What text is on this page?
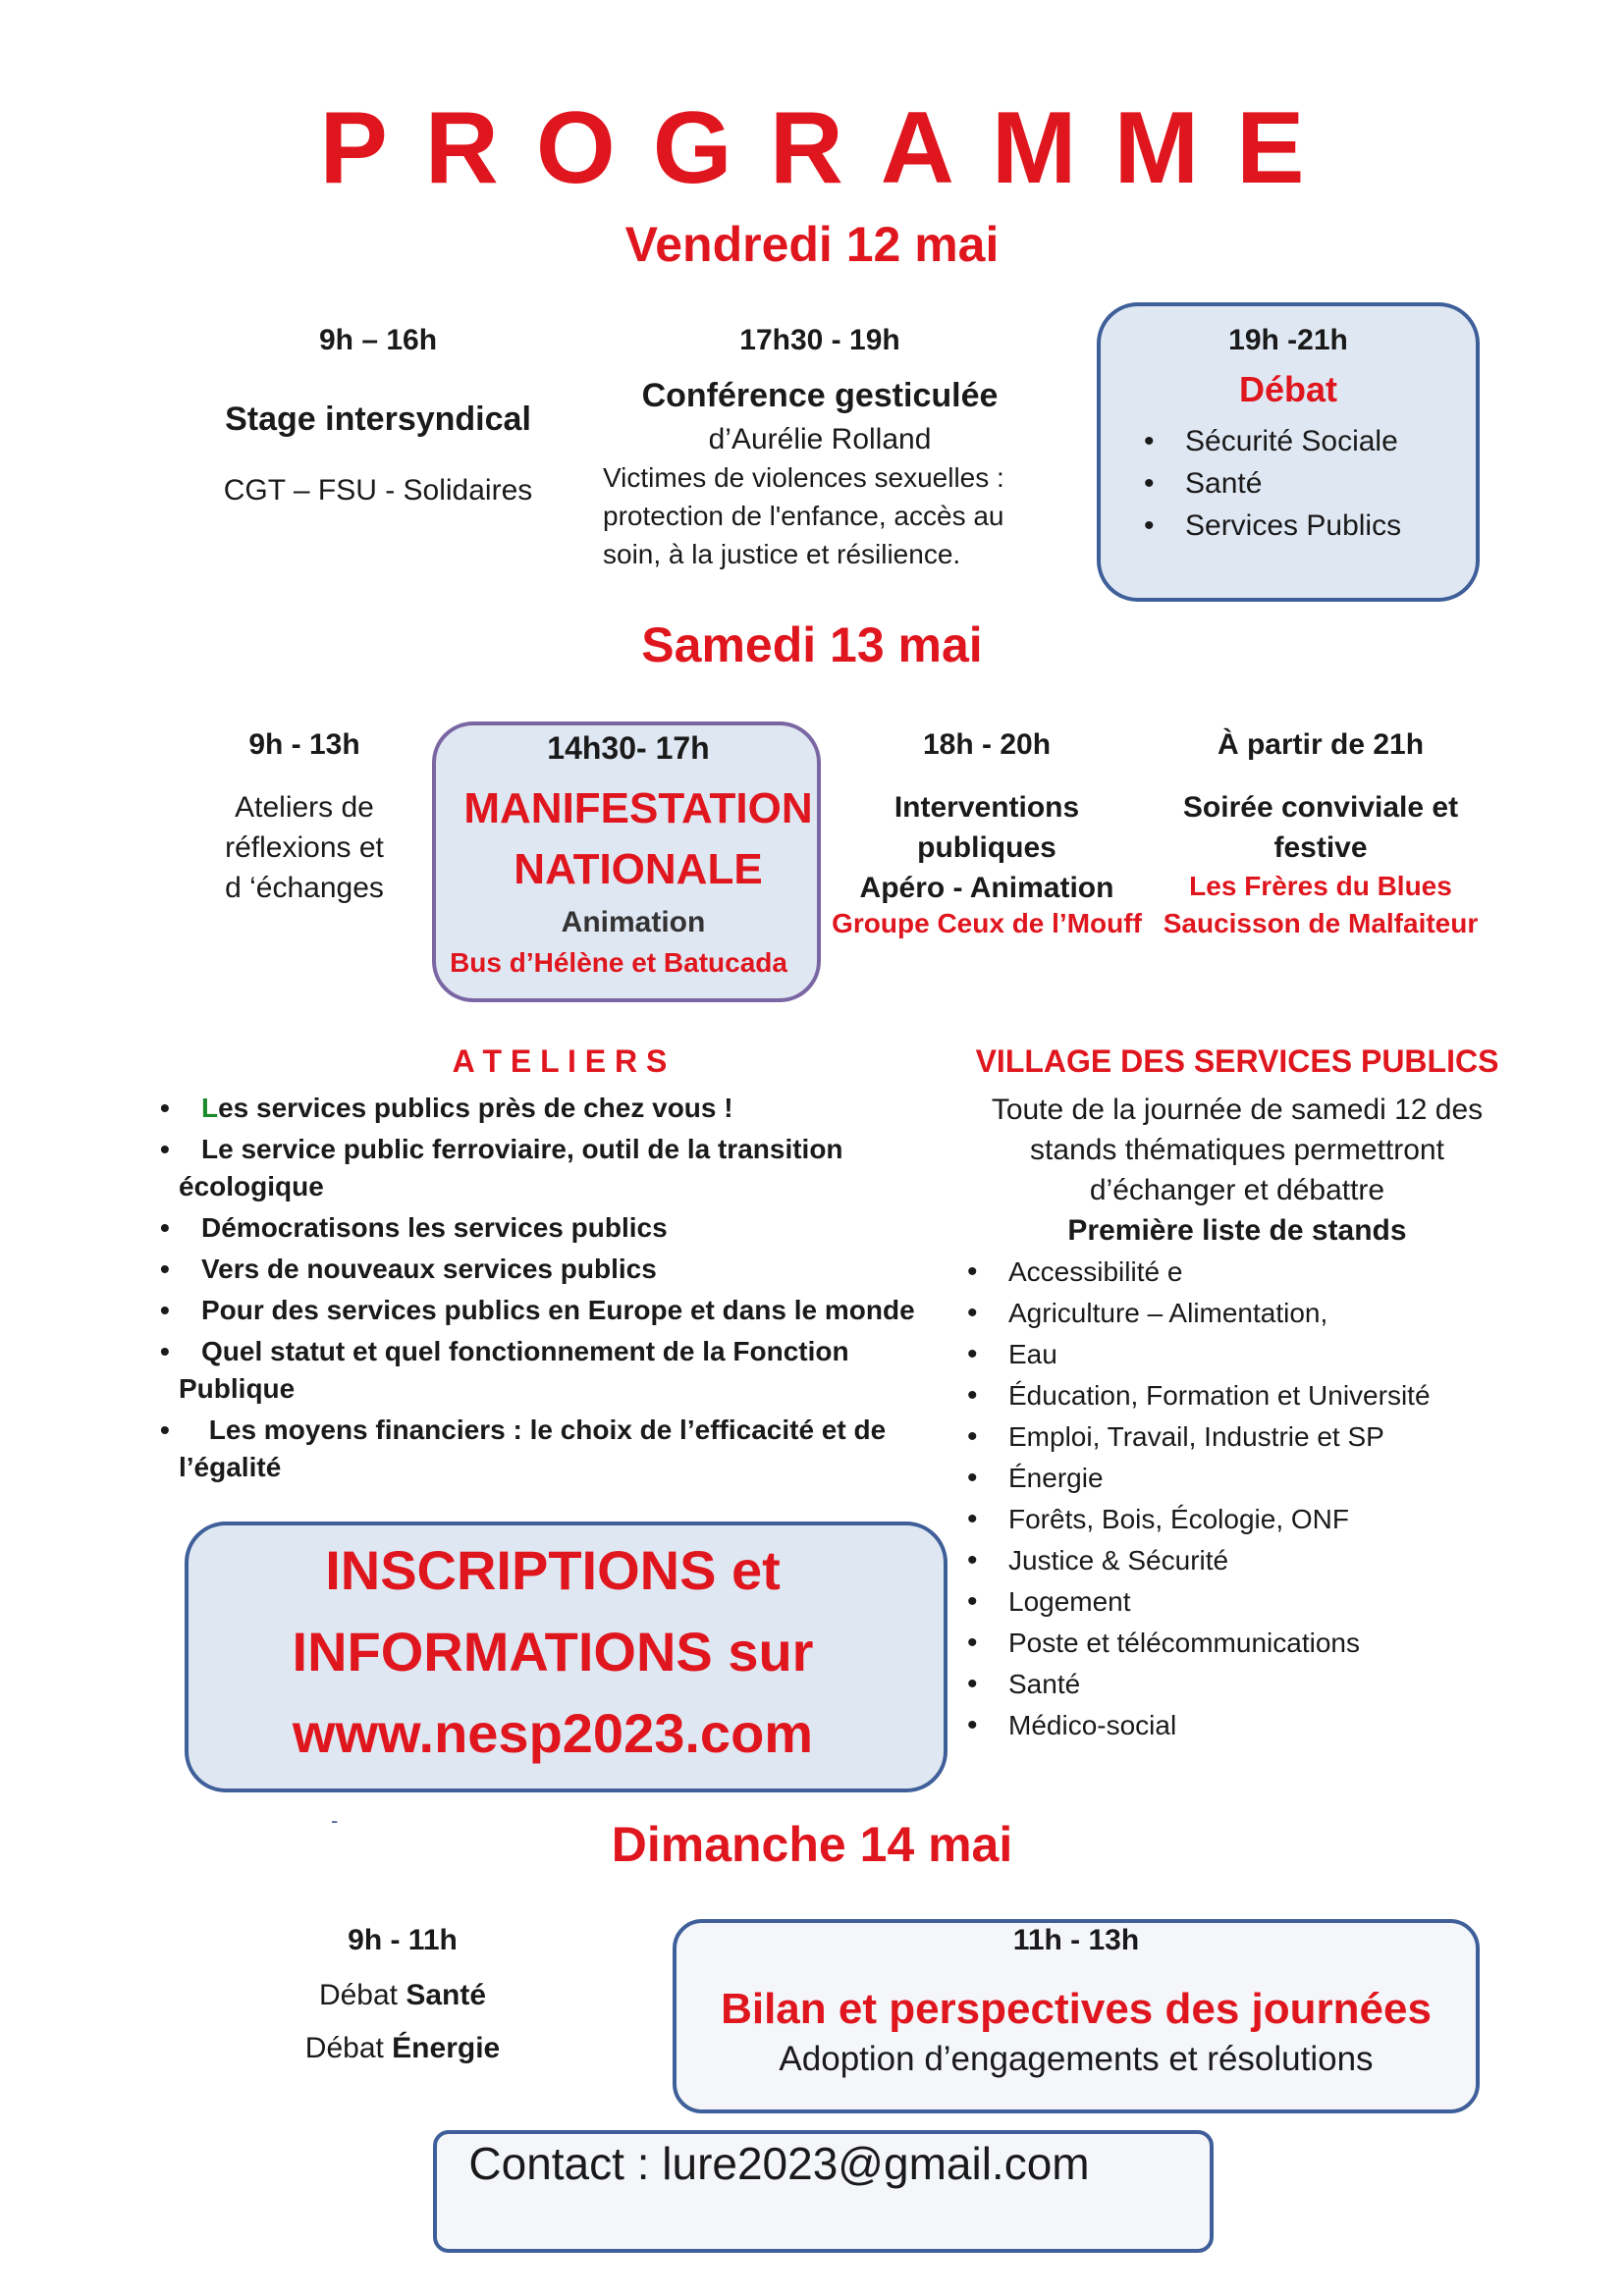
PROGRAMME
Vendredi 12 mai
9h – 16h
Stage intersyndical
CGT – FSU - Solidaires
17h30 - 19h
Conférence gesticulée
d’Aurélie Rolland
Victimes de violences sexuelles :
protection de l'enfance, accès au
soin, à la justice et résilience.
19h -21h
Débat
• Sécurité Sociale
• Santé
• Services Publics
Samedi 13 mai
9h - 13h
Ateliers de
réflexions et
d ‘échanges
14h30- 17h
MANIFESTATION
NATIONALE
Animation
Bus d’Hélène et Batucada
18h - 20h
Interventions
publiques
Apéro - Animation
Groupe Ceux de l’Mouff
À partir de 21h
Soirée conviviale et
festive
Les Frères du Blues
Saucisson de Malfaiteur
A T E L I E R S
• Les services publics près de chez vous !
• Le service public ferroviaire, outil de la transition
écologique
• Démocratisons les services publics
• Vers de nouveaux services publics
• Pour des services publics en Europe et dans le monde
• Quel statut et quel fonctionnement de la Fonction
Publique
• Les moyens financiers : le choix de l’efficacité et de
l’égalité
VILLAGE DES SERVICES PUBLICS
Toute de la journée de samedi 12 des
stands thématiques permettront
d’échanger et débattre
Première liste de stands
• Accessibilité e
• Agriculture – Alimentation,
• Eau
• Éducation, Formation et Université
• Emploi, Travail, Industrie et SP
• Énergie
• Forêts, Bois, Écologie, ONF
• Justice & Sécurité
• Logement
• Poste et télécommunications
• Santé
• Médico-social
INSCRIPTIONS et
INFORMATIONS sur
www.nesp2023.com
-	Dimanche 14 mai
9h - 11h
Débat Santé
Débat Énergie
11h - 13h
Bilan et perspectives des journées
Adoption d’engagements et résolutions
Contact : lure2023@gmail.com
